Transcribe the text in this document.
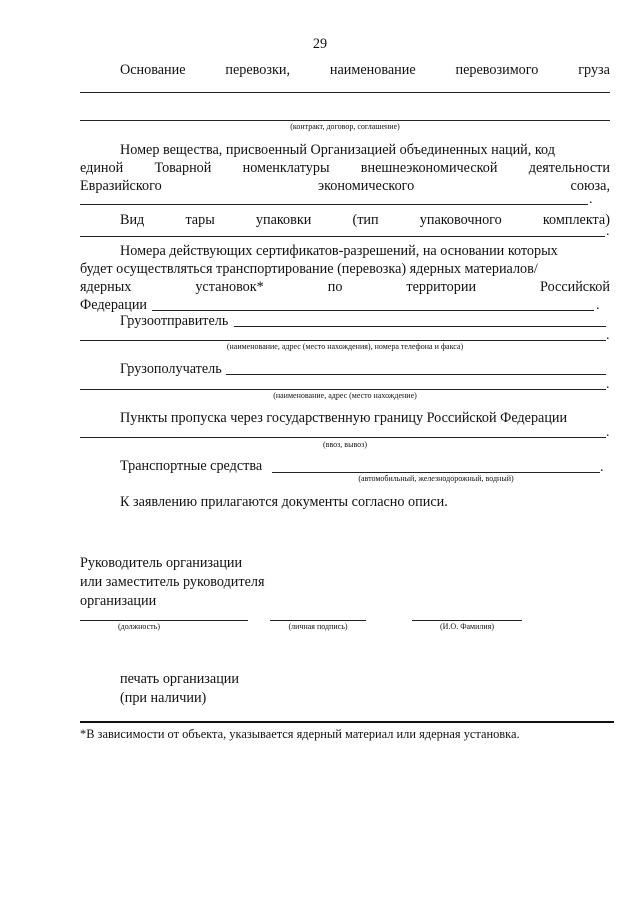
29
Основание	перевозки,	наименование	перевозимого	груза
(контракт, договор, соглашение)
Номер вещества, присвоенный Организацией объединенных наций, код
единой Товарной номенклатуры внешнеэкономической деятельности
Евразийского	экономического	союза,
.
Вид	тары	упаковки	(тип	упаковочного	комплекта)
.
Номера действующих сертификатов-разрешений, на основании которых
будет осуществляться транспортирование (перевозка) ядерных материалов/
ядерных	установок*	по	территории	Российской
Федерации	.
Грузоотправитель
.
(наименование, адрес (место нахождения), номера телефона и факса)
Грузополучатель
.
(наименование, адрес (место нахождение)
Пункты пропуска через государственную границу Российской Федерации
.
(ввоз, вывоз)
Транспортные средства	.
(автомобильный, железнодорожный, водный)
К заявлению прилагаются документы согласно описи.
Руководитель организации
или заместитель руководителя
организации
(должность)	(личная подпись)	(И.О. Фамилия)
печать организации
(при наличии)
*В зависимости от объекта, указывается ядерный материал или ядерная установка.
